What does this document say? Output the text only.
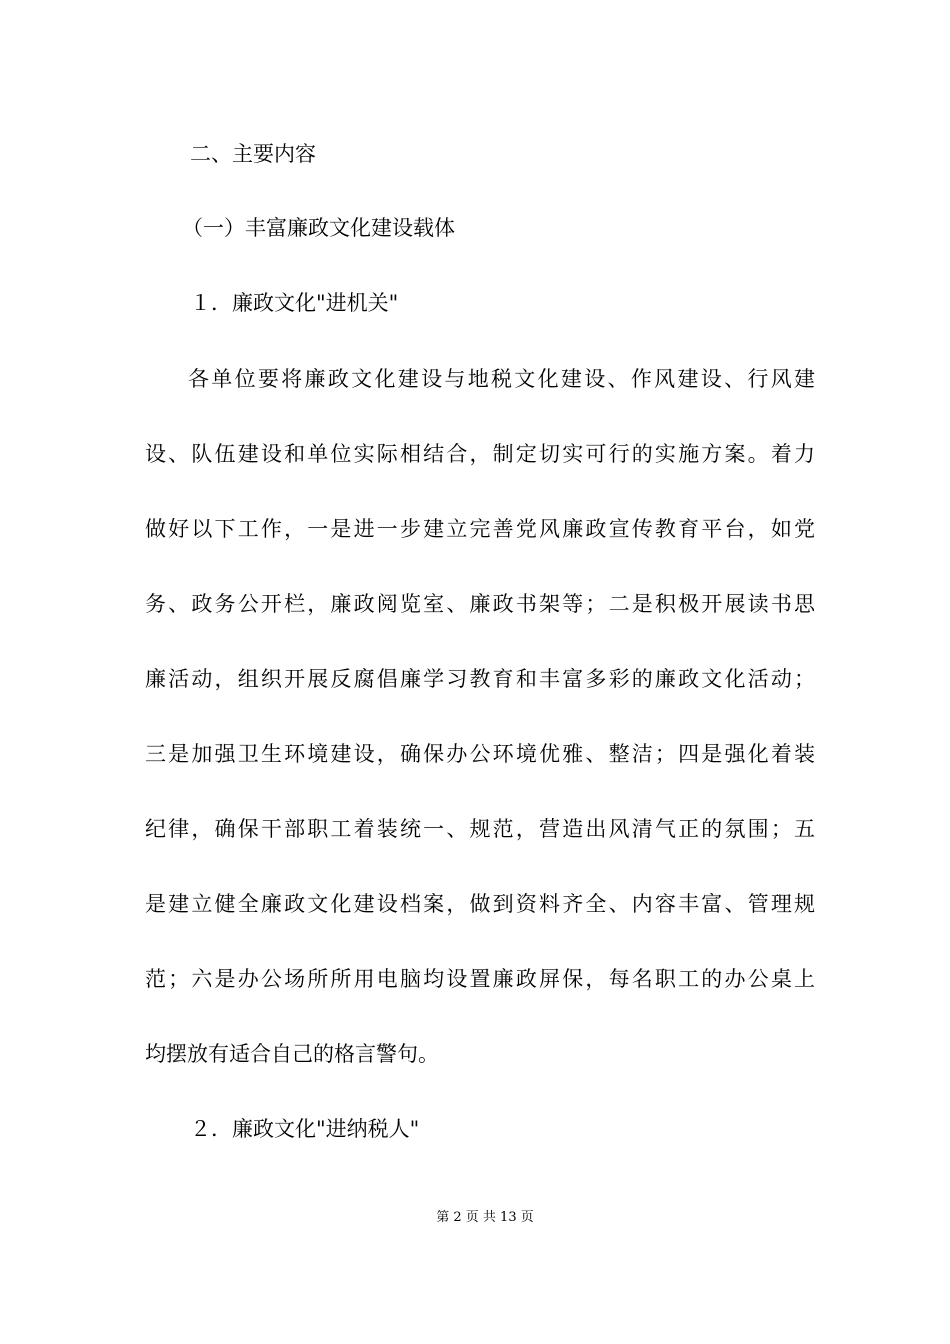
二、主要内容
（一）丰富廉政文化建设载体
１．廉政文化"进机关"
各单位要将廉政文化建设与地税文化建设、作风建设、行风建
设、队伍建设和单位实际相结合，制定切实可行的实施方案。着力
做好以下工作，一是进一步建立完善党风廉政宣传教育平台，如党
务、政务公开栏，廉政阅览室、廉政书架等；二是积极开展读书思
廉活动，组织开展反腐倡廉学习教育和丰富多彩的廉政文化活动；
三是加强卫生环境建设，确保办公环境优雅、整洁；四是强化着装
纪律，确保干部职工着装统一、规范，营造出风清气正的氛围；五
是建立健全廉政文化建设档案，做到资料齐全、内容丰富、管理规
范；六是办公场所所用电脑均设置廉政屏保，每名职工的办公桌上
均摆放有适合自己的格言警句。
２．廉政文化"进纳税人"
第 2 页 共 13 页
